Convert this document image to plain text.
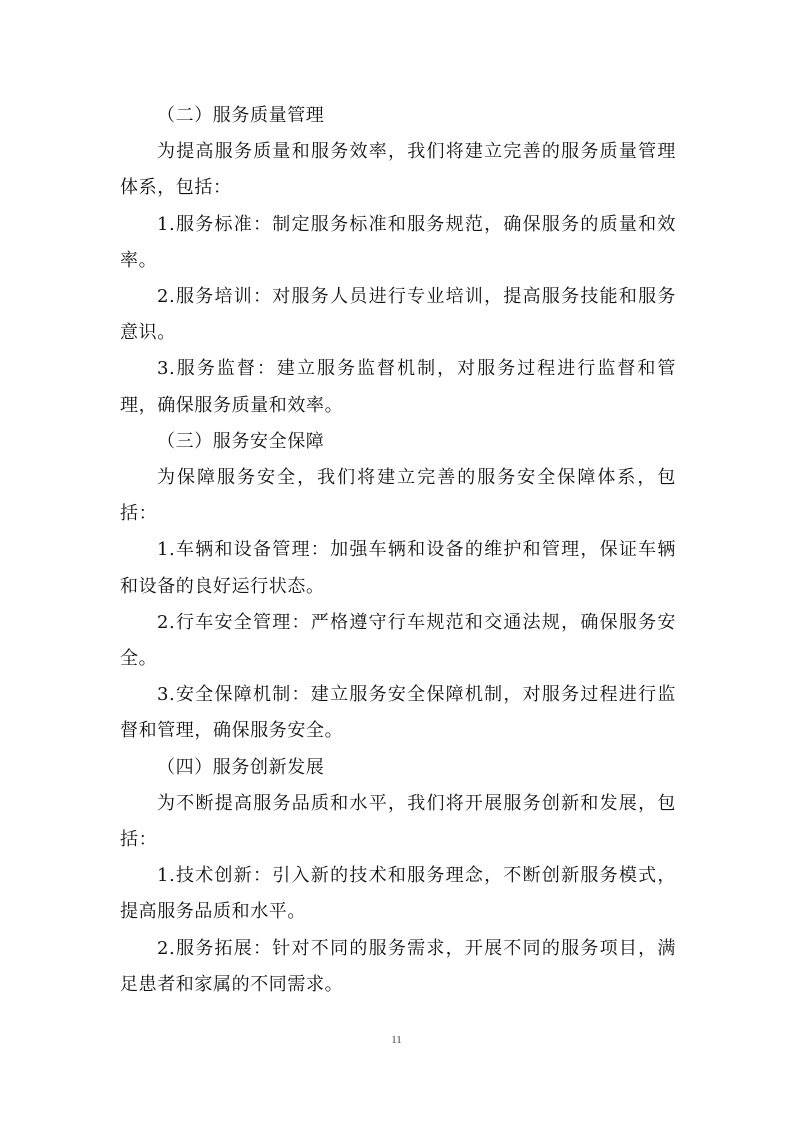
（二）服务质量管理

为提高服务质量和服务效率，我们将建立完善的服务质量管理体系，包括：

1.服务标准：制定服务标准和服务规范，确保服务的质量和效率。

2.服务培训：对服务人员进行专业培训，提高服务技能和服务意识。

3.服务监督：建立服务监督机制，对服务过程进行监督和管理，确保服务质量和效率。

（三）服务安全保障

为保障服务安全，我们将建立完善的服务安全保障体系，包括：

1.车辆和设备管理：加强车辆和设备的维护和管理，保证车辆和设备的良好运行状态。

2.行车安全管理：严格遵守行车规范和交通法规，确保服务安全。

3.安全保障机制：建立服务安全保障机制，对服务过程进行监督和管理，确保服务安全。

（四）服务创新发展

为不断提高服务品质和水平，我们将开展服务创新和发展，包括：

1.技术创新：引入新的技术和服务理念，不断创新服务模式，提高服务品质和水平。

2.服务拓展：针对不同的服务需求，开展不同的服务项目，满足患者和家属的不同需求。

11
